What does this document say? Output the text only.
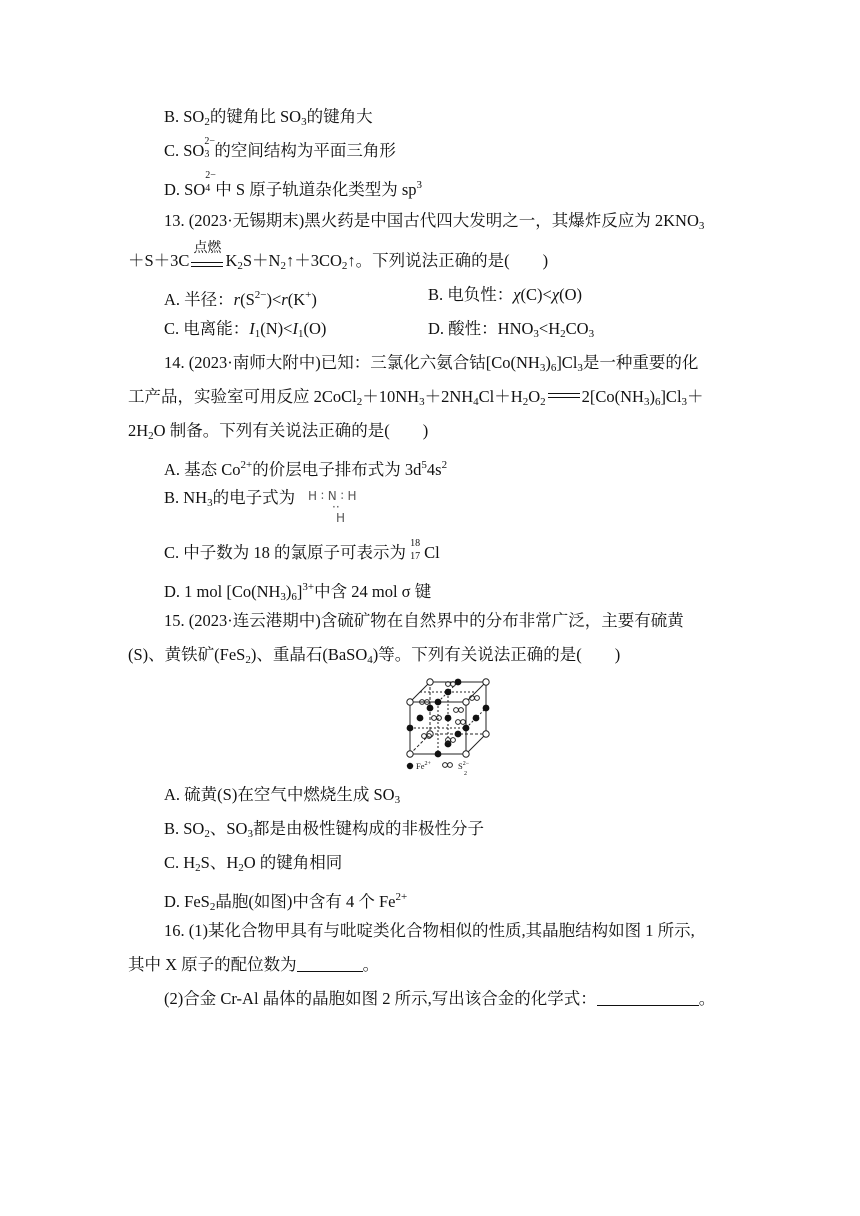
B. $SO_2$的键角比 $SO_3$的键角大
C. SO 2−
3 的空间结构为平面三角形
D. SO
2−
4 中 S 原子轨道杂化类型为 $sp^3$
13. (2023·无锡期末)黑火药是中国古代四大发明之一，其爆炸反应为 $2KNO_3$
＋S＋3C
点燃
$K_2S+N_2↑+3CO_2↑$。下列说法正确的是(　　)
A. 半径：$r(S^{2-})<r(K^+)$	B. 电负性：χ(C)<χ(O)
C. 电离能：$I_1(N)<I_1(O)$	D. 酸性：$HNO_3<H_2CO_3$
14. (2023·南师大附中)已知：三氯化六氨合钴$[Co(NH_3)_6]Cl_3$是一种重要的化
工产品，实验室可用反应 $2CoCl_2+10NH_3+2NH_4Cl+H_2O_2$ $2[Co(NH_3)_6]Cl_3+$
$2H_2O$ 制备。下列有关说法正确的是(　　)
A. 基态 $Co^{2+}$的价层电子排布式为 $3d^54s^2$
B. $NH_3$的电子式为 H ∶ N ∶ H
··
H
C. 中子数为 18 的氯原子可表示为 18
17 Cl
D. 1 mol $[Co(NH_3)_6]^{3+}$中含 24 mol σ 键
15. (2023·连云港期中)含硫矿物在自然界中的分布非常广泛，主要有硫黄
(S)、黄铁矿(FeS$_2$)、重晶石(BaSO$_4$)等。下列有关说法正确的是(　　)
$Fe^{2+}$	$S^{2-}$
2
A. 硫黄(S)在空气中燃烧生成 $SO_3$
B. $SO_2$、$SO_3$都是由极性键构成的非极性分子
C. $H_2S$、$H_2O$ 的键角相同
D. FeS$_2$晶胞(如图)中含有 4 个 $Fe^{2+}$
16. (1)某化合物甲具有与吡啶类化合物相似的性质,其晶胞结构如图 1 所示,
其中 X 原子的配位数为	。
(2)合金 Cr-Al 晶体的晶胞如图 2 所示,写出该合金的化学式：	。
